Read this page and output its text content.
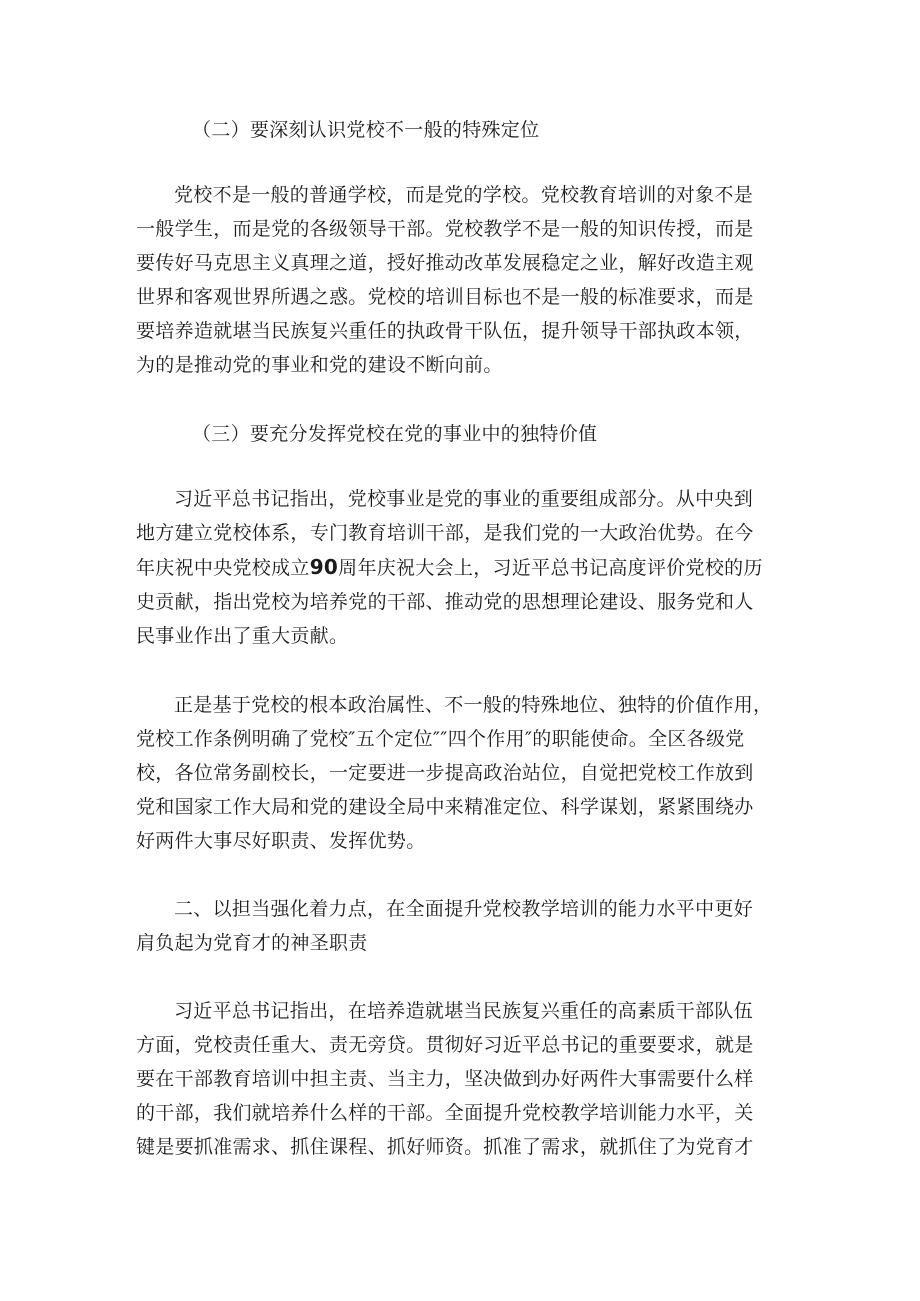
（二）要深刻认识党校不一般的特殊定位

党校不是一般的普通学校，而是党的学校。党校教育培训的对象不是
一般学生，而是党的各级领导干部。党校教学不是一般的知识传授，而是
要传好马克思主义真理之道，授好推动改革发展稳定之业，解好改造主观
世界和客观世界所遇之惑。党校的培训目标也不是一般的标准要求，而是
要培养造就堪当民族复兴重任的执政骨干队伍，提升领导干部执政本领，
为的是推动党的事业和党的建设不断向前。

（三）要充分发挥党校在党的事业中的独特价值

习近平总书记指出，党校事业是党的事业的重要组成部分。从中央到
地方建立党校体系，专门教育培训干部，是我们党的一大政治优势。在今
年庆祝中央党校成立90周年庆祝大会上，习近平总书记高度评价党校的历
史贡献，指出党校为培养党的干部、推动党的思想理论建设、服务党和人
民事业作出了重大贡献。

正是基于党校的根本政治属性、不一般的特殊地位、独特的价值作用，
党校工作条例明确了党校″五个定位″″四个作用″的职能使命。全区各级党
校，各位常务副校长，一定要进一步提高政治站位，自觉把党校工作放到
党和国家工作大局和党的建设全局中来精准定位、科学谋划，紧紧围绕办
好两件大事尽好职责、发挥优势。

二、以担当强化着力点，在全面提升党校教学培训的能力水平中更好
肩负起为党育才的神圣职责

习近平总书记指出，在培养造就堪当民族复兴重任的高素质干部队伍
方面，党校责任重大、责无旁贷。贯彻好习近平总书记的重要要求，就是
要在干部教育培训中担主责、当主力，坚决做到办好两件大事需要什么样
的干部，我们就培养什么样的干部。全面提升党校教学培训能力水平，关
键是要抓准需求、抓住课程、抓好师资。抓准了需求，就抓住了为党育才
